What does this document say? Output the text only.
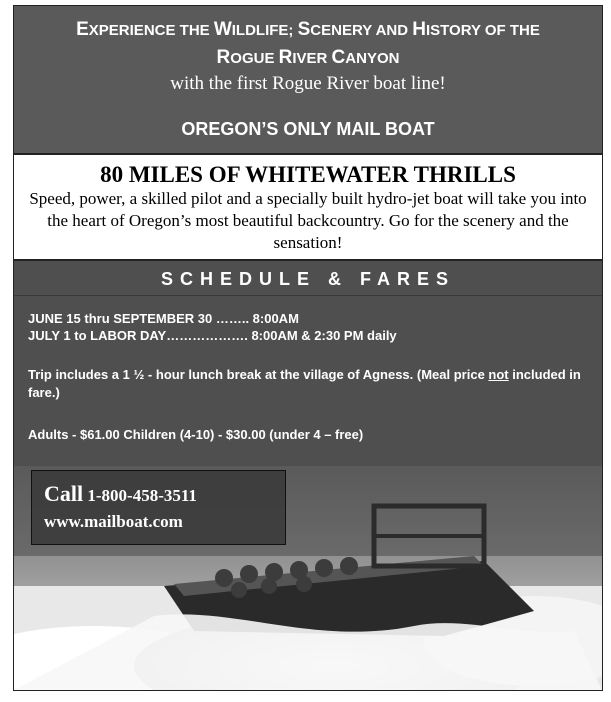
EXPERIENCE THE WILDLIFE; SCENERY AND HISTORY OF THE
ROGUE RIVER CANYON
with the first Rogue River boat line!
OREGON’S ONLY MAIL BOAT
80 MILES OF WHITEWATER THRILLS
Speed, power, a skilled pilot and a specially built hydro-jet boat will take you into the heart of Oregon’s most beautiful backcountry. Go for the scenery and the sensation!
SCHEDULE & FARES
JUNE 15 thru SEPTEMBER 30 …….. 8:00AM
JULY 1 to LABOR DAY………………. 8:00AM & 2:30 PM daily
Trip includes a 1 ½ - hour lunch break at the village of Agness. (Meal price not included in fare.)
Adults - $61.00 Children (4-10) - $30.00 (under 4 – free)
Call 1-800-458-3511
www.mailboat.com
